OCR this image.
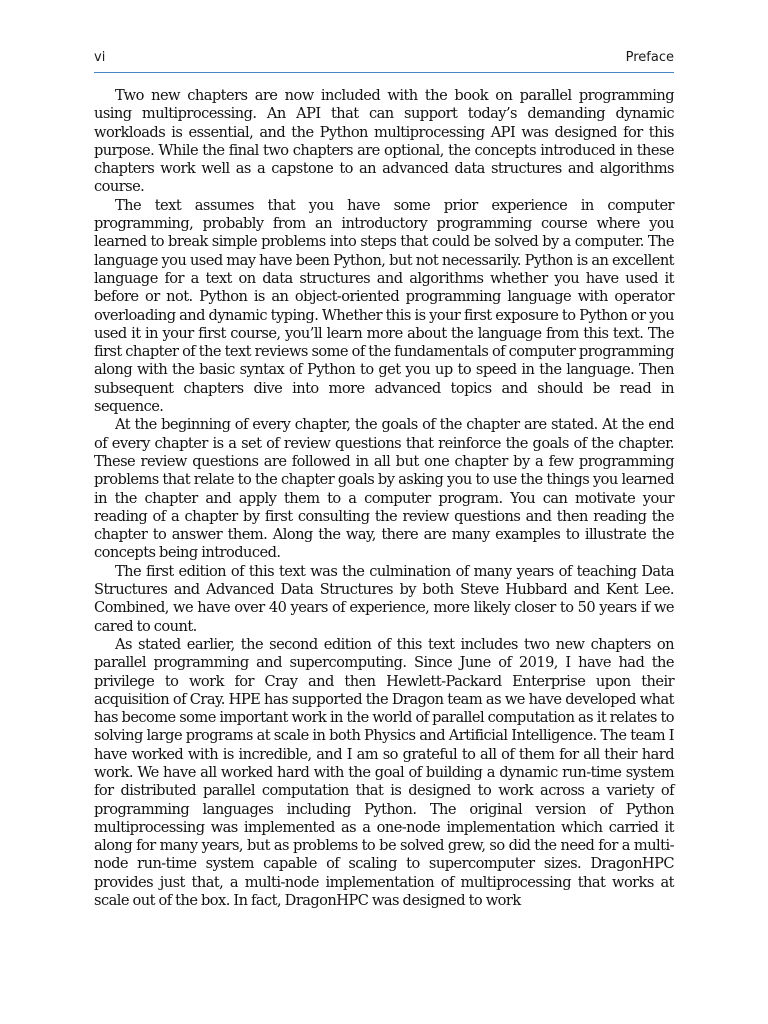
vi	Preface

Two new chapters are now included with the book on parallel programming using multiprocessing. An API that can support today’s demanding dynamic workloads is essential, and the Python multiprocessing API was designed for this purpose. While the final two chapters are optional, the concepts introduced in these chapters work well as a capstone to an advanced data structures and algorithms course.

The text assumes that you have some prior experience in computer programming, probably from an introductory programming course where you learned to break simple problems into steps that could be solved by a computer. The language you used may have been Python, but not necessarily. Python is an excellent language for a text on data structures and algorithms whether you have used it before or not. Python is an object-oriented programming language with operator overloading and dynamic typing. Whether this is your first exposure to Python or you used it in your first course, you’ll learn more about the language from this text. The first chapter of the text reviews some of the fundamentals of computer programming along with the basic syntax of Python to get you up to speed in the language. Then subsequent chapters dive into more advanced topics and should be read in sequence.

At the beginning of every chapter, the goals of the chapter are stated. At the end of every chapter is a set of review questions that reinforce the goals of the chapter. These review questions are followed in all but one chapter by a few programming problems that relate to the chapter goals by asking you to use the things you learned in the chapter and apply them to a computer program. You can motivate your reading of a chapter by first consulting the review questions and then reading the chapter to answer them. Along the way, there are many examples to illustrate the concepts being introduced.

The first edition of this text was the culmination of many years of teaching Data Structures and Advanced Data Structures by both Steve Hubbard and Kent Lee. Combined, we have over 40 years of experience, more likely closer to 50 years if we cared to count.

As stated earlier, the second edition of this text includes two new chapters on parallel programming and supercomputing. Since June of 2019, I have had the privilege to work for Cray and then Hewlett-Packard Enterprise upon their acquisition of Cray. HPE has supported the Dragon team as we have developed what has become some important work in the world of parallel computation as it relates to solving large programs at scale in both Physics and Artificial Intelligence. The team I have worked with is incredible, and I am so grateful to all of them for all their hard work. We have all worked hard with the goal of building a dynamic run-time system for distributed parallel computation that is designed to work across a variety of programming languages including Python. The original version of Python multiprocessing was implemented as a one-node implementation which carried it along for many years, but as problems to be solved grew, so did the need for a multi-node run-time system capable of scaling to supercomputer sizes. DragonHPC provides just that, a multi-node implementation of multiprocessing that works at scale out of the box. In fact, DragonHPC was designed to work
